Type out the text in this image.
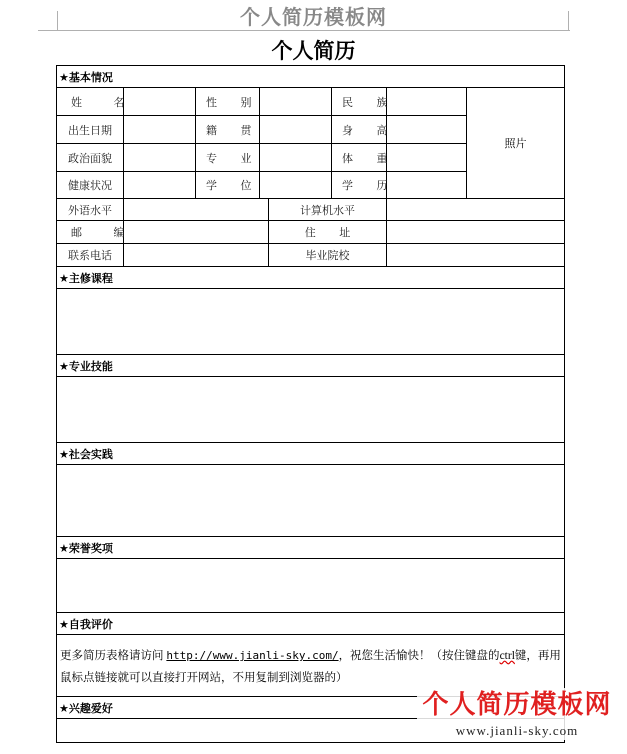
个人简历模板网
个人简历
★基本情况							
姓 名		性 别			民 族		照片
出生日期		籍 贯			身 高		
政治面貌		专 业			体 重		
健康状况		学 位			学 历		
外语水平				计算机水平			
邮 编				住 址			
联系电话				毕业院校			
★主修课程							

★专业技能							

★社会实践							

★荣誉奖项							

★自我评价							
更多简历表格请访问 http://www.jianli-sky.com/，祝您生活愉快！（按住键盘的ctrl键，再用鼠标点链接就可以直接打开网站，不用复制到浏览器的）							
★兴趣爱好								个人简历模板网
www.jianli-sky.com
